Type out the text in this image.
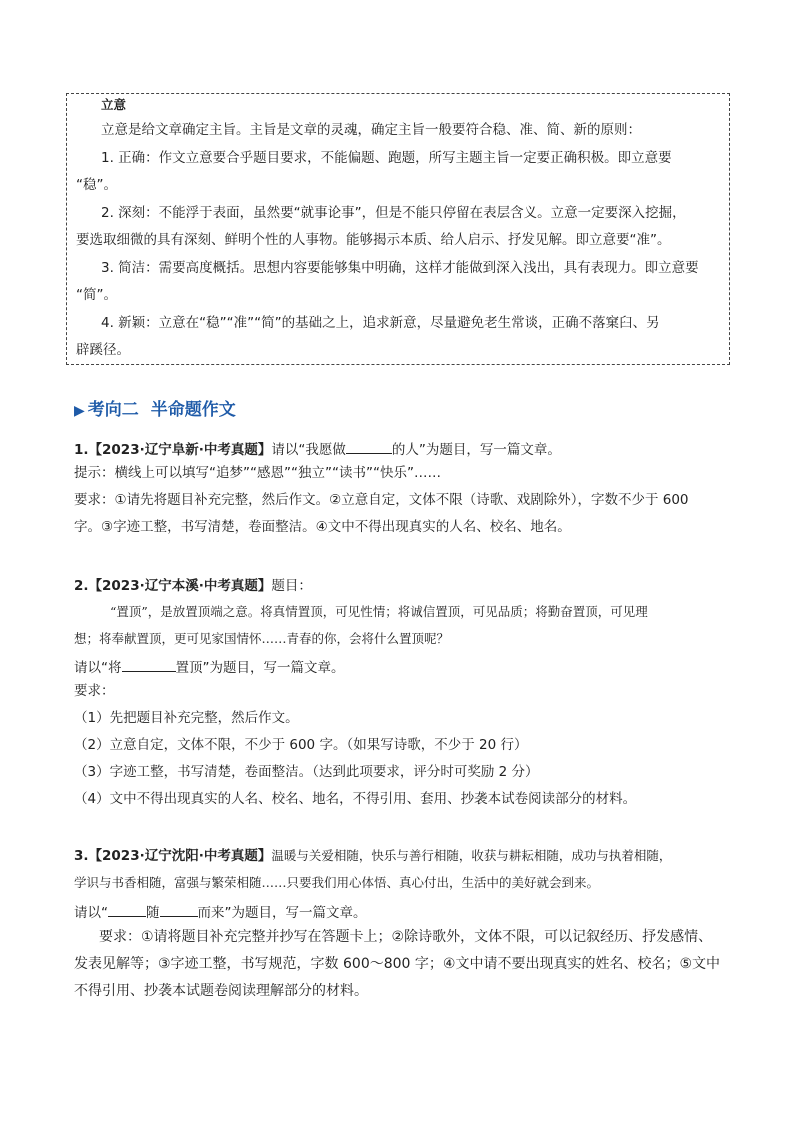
立意
立意是给文章确定主旨。主旨是文章的灵魂，确定主旨一般要符合稳、准、简、新的原则：
1. 正确：作文立意要合乎题目要求，不能偏题、跑题，所写主题主旨一定要正确积极。即立意要
“稳”。
2. 深刻：不能浮于表面，虽然要“就事论事”，但是不能只停留在表层含义。立意一定要深入挖掘，
要选取细微的具有深刻、鲜明个性的人事物。能够揭示本质、给人启示、抒发见解。即立意要“准”。
3. 简洁：需要高度概括。思想内容要能够集中明确，这样才能做到深入浅出，具有表现力。即立意要
“简”。
4. 新颖：立意在“稳”“准”“简”的基础之上，追求新意，尽量避免老生常谈，正确不落窠臼、另
辟蹊径。
▶ 考向二 半命题作文
1.【2023·辽宁阜新·中考真题】请以“我愿做	的人”为题目，写一篇文章。
提示：横线上可以填写“追梦”“感恩”“独立”“读书”“快乐”……
要求：①请先将题目补充完整，然后作文。②立意自定，文体不限（诗歌、戏剧除外），字数不少于 600
字。③字迹工整，书写清楚，卷面整洁。④文中不得出现真实的人名、校名、地名。
2.【2023·辽宁本溪·中考真题】题目：
“置顶”，是放置顶端之意。将真情置顶，可见性情；将诚信置顶，可见品质；将勤奋置顶，可见理
想；将奉献置顶，更可见家国情怀……青春的你，会将什么置顶呢？
请以“将	置顶”为题目，写一篇文章。
要求：
（1）先把题目补充完整，然后作文。
（2）立意自定，文体不限，不少于 600 字。（如果写诗歌，不少于 20 行）
（3）字迹工整，书写清楚，卷面整洁。（达到此项要求，评分时可奖励 2 分）
（4）文中不得出现真实的人名、校名、地名，不得引用、套用、抄袭本试卷阅读部分的材料。
3.【2023·辽宁沈阳·中考真题】温暖与关爱相随，快乐与善行相随，收获与耕耘相随，成功与执着相随，
学识与书香相随，富强与繁荣相随……只要我们用心体悟、真心付出，生活中的美好就会到来。
请以“	随	而来”为题目，写一篇文章。
要求：①请将题目补充完整并抄写在答题卡上；②除诗歌外，文体不限，可以记叙经历、抒发感情、
发表见解等；③字迹工整，书写规范，字数 600～800 字；④文中请不要出现真实的姓名、校名；⑤文中
不得引用、抄袭本试题卷阅读理解部分的材料。
